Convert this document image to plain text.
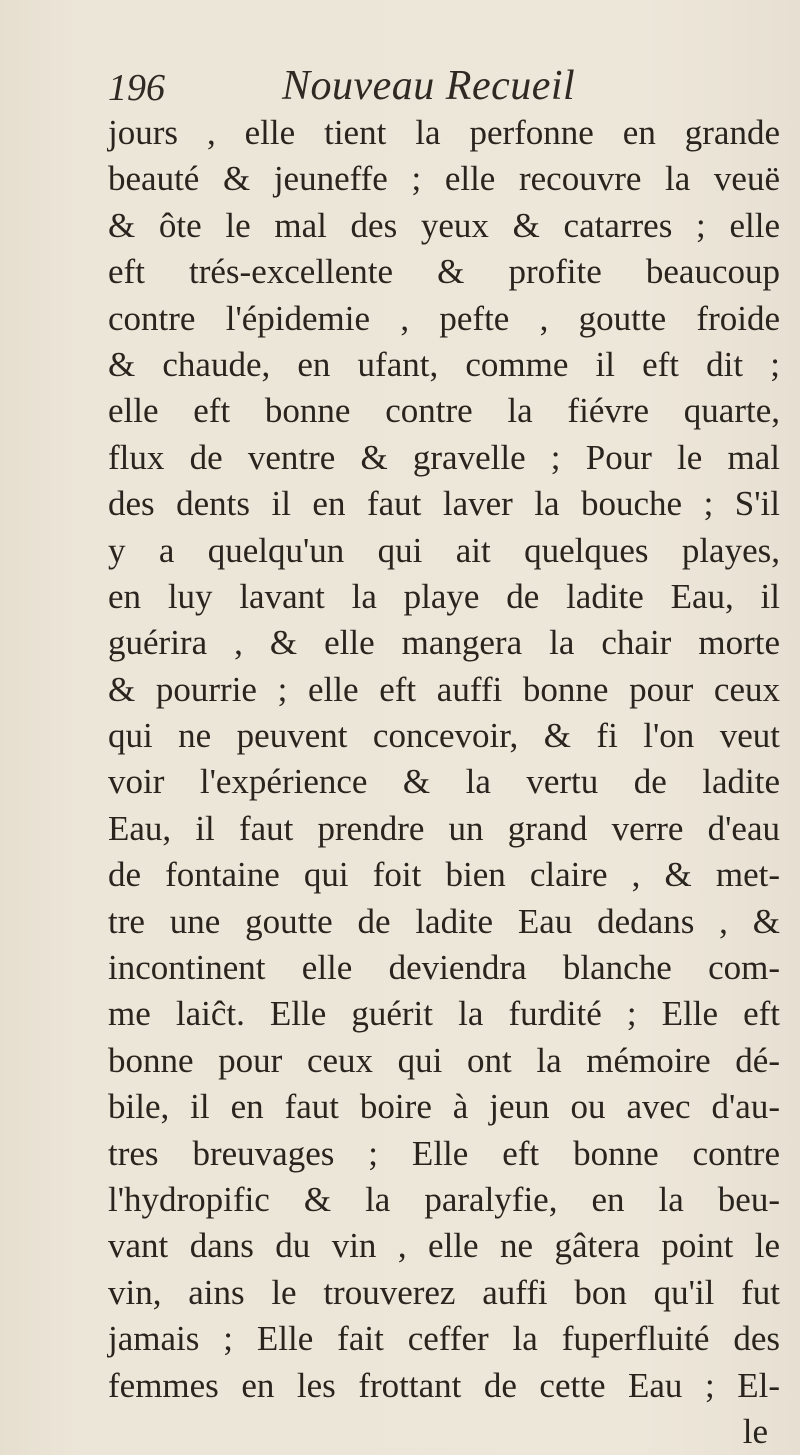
196	Nouveau Recueil
jours , elle tient la perfonne en grande
beauté & jeuneffe ; elle recouvre la veuë
& ôte le mal des yeux & catarres ; elle
eft trés-excellente & profite beaucoup
contre l'épidemie , pefte , goutte froide
& chaude, en ufant, comme il eft dit ;
elle eft bonne contre la fiévre quarte,
flux de ventre & gravelle ; Pour le mal
des dents il en faut laver la bouche ; S'il
y a quelqu'un qui ait quelques playes,
en luy lavant la playe de ladite Eau, il
guérira , & elle mangera la chair morte
& pourrie ; elle eft auffi bonne pour ceux
qui ne peuvent concevoir, & fi l'on veut
voir l'expérience & la vertu de ladite
Eau, il faut prendre un grand verre d'eau
de fontaine qui foit bien claire , & met-
tre une goutte de ladite Eau dedans , &
incontinent elle deviendra blanche com-
me laiĉt. Elle guérit la furdité ; Elle eft
bonne pour ceux qui ont la mémoire dé-
bile, il en faut boire à jeun ou avec d'au-
tres breuvages ; Elle eft bonne contre
l'hydropific & la paralyfie, en la beu-
vant dans du vin , elle ne gâtera point le
vin, ains le trouverez auffi bon qu'il fut
jamais ; Elle fait ceffer la fuperfluité des
femmes en les frottant de cette Eau ; El-
le
